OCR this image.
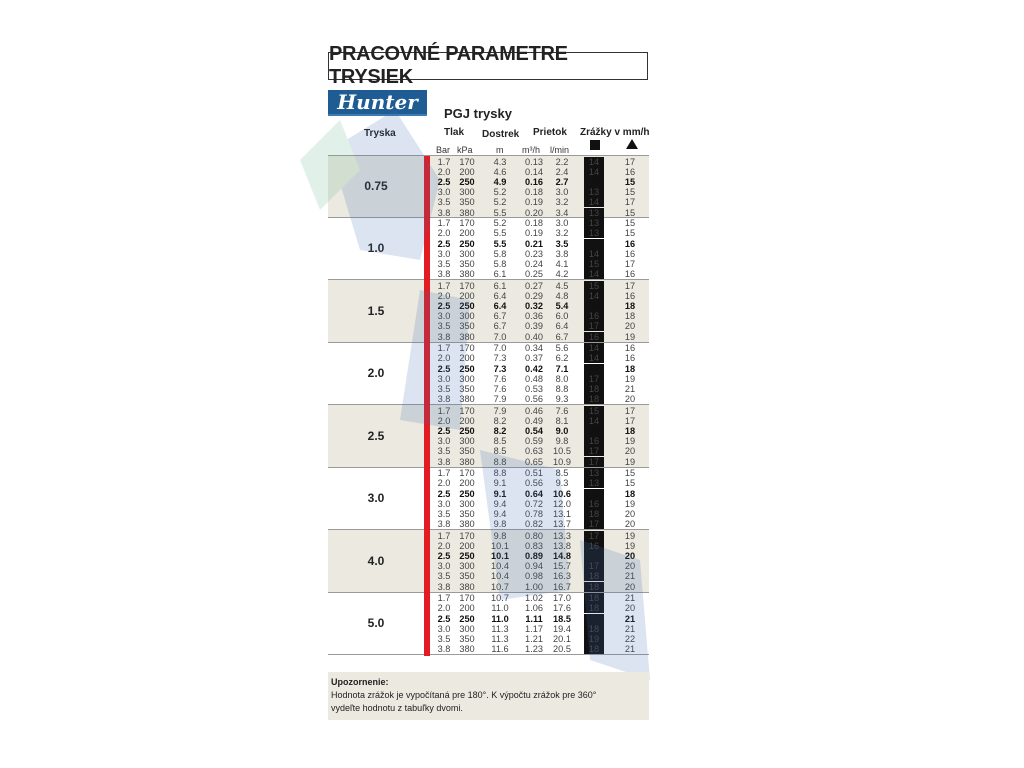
PRACOVNÉ PARAMETRE TRYSIEK
Hunter	PGJ trysky
Tryska	Tlak Dostrek Prietok Zrážky v mm/h
Bar kPa	m m³/h l/min
0.75
1.7 170	4.3	0.13	2.2	14	17
2.0 200	4.6	0.14	2.4	14	16
2.5 250	4.9	0.16	2.7	13	15
3.0 300	5.2	0.18	3.0	13	15
3.5 350	5.2	0.19	3.2	14	17
3.8 380	5.5	0.20	3.4	13	15
1.0
1.7 170	5.2	0.18	3.0	13	15
2.0 200	5.5	0.19	3.2	13	15
2.5 250	5.5	0.21	3.5	14	16
3.0 300	5.8	0.23	3.8	14	16
3.5 350	5.8	0.24	4.1	15	17
3.8 380	6.1	0.25	4.2	14	16
1.5
1.7 170	6.1	0.27	4.5	15	17
2.0 200	6.4	0.29	4.8	14	16
2.5 250	6.4	0.32	5.4	16	18
3.0 300	6.7	0.36	6.0	16	18
3.5 350	6.7	0.39	6.4	17	20
3.8 380	7.0	0.40	6.7	16	19
2.0
1.7 170	7.0	0.34	5.6	14	16
2.0 200	7.3	0.37	6.2	14	16
2.5 250	7.3	0.42	7.1	16	18
3.0 300	7.6	0.48	8.0	17	19
3.5 350	7.6	0.53	8.8	18	21
3.8 380	7.9	0.56	9.3	18	20
2.5
1.7 170	7.9	0.46	7.6	15	17
2.0 200	8.2	0.49	8.1	14	17
2.5 250	8.2	0.54	9.0	16	18
3.0 300	8.5	0.59	9.8	16	19
3.5 350	8.5	0.63	10.5	17	20
3.8 380	8.8	0.65	10.9	17	19
3.0
1.7 170	8.8	0.51	8.5	13	15
2.0 200	9.1	0.56	9.3	13	15
2.5 250	9.1	0.64	10.6	15	18
3.0 300	9.4	0.72	12.0	16	19
3.5 350	9.4	0.78	13.1	18	20
3.8 380	9.8	0.82	13.7	17	20
4.0
1.7 170	9.8	0.80	13.3	17	19
2.0 200	10.1	0.83	13.8	16	19
2.5 250	10.1	0.89	14.8	18	20
3.0 300	10.4	0.94	15.7	17	20
3.5 350	10.4	0.98	16.3	18	21
3.8 380	10.7	1.00	16.7	18	20
5.0
1.7 170	10.7	1.02	17.0	18	21
2.0 200	11.0	1.06	17.6	18	20
2.5 250	11.0	1.11	18.5	18	21
3.0 300	11.3	1.17	19.4	18	21
3.5 350	11.3	1.21	20.1	19	22
3.8 380	11.6	1.23	20.5	18	21
Upozornenie:
Hodnota zrážok je vypočítaná pre 180°. K výpočtu zrážok pre 360°
vydeľte hodnotu z tabuľky dvomi.
